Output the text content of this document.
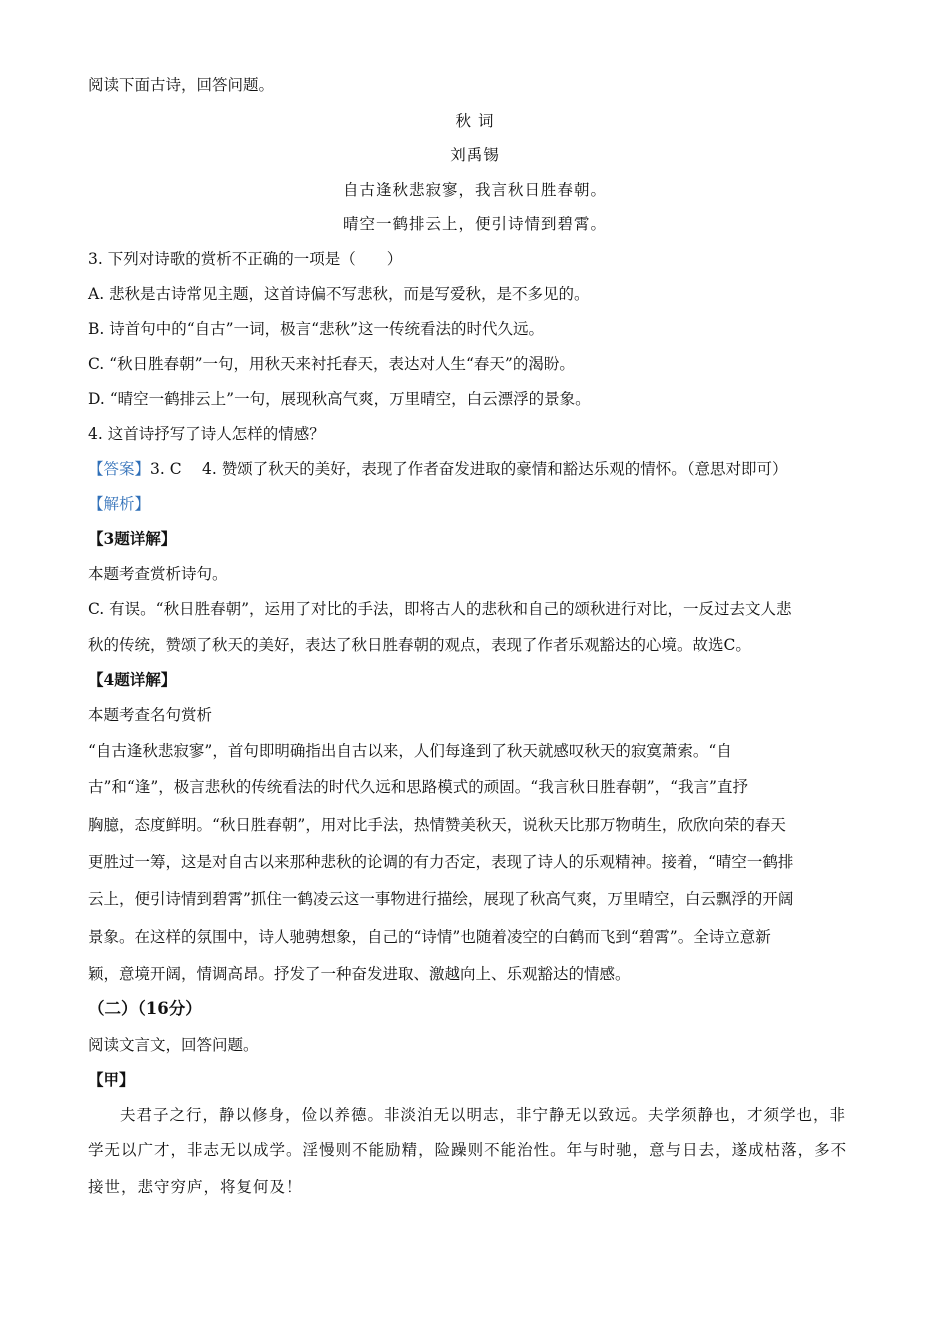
阅读下面古诗，回答问题。
秋 词
刘禹锡
自古逢秋悲寂寥，我言秋日胜春朝。
晴空一鹤排云上，便引诗情到碧霄。
3. 下列对诗歌的赏析不正确的一项是（　　）
A. 悲秋是古诗常见主题，这首诗偏不写悲秋，而是写爱秋，是不多见的。
B. 诗首句中的“自古”一词，极言“悲秋”这一传统看法的时代久远。
C. “秋日胜春朝”一句，用秋天来衬托春天，表达对人生“春天”的渴盼。
D. “晴空一鹤排云上”一句，展现秋高气爽，万里晴空，白云漂浮的景象。
4. 这首诗抒写了诗人怎样的情感？
【答案】3. C　 4. 赞颂了秋天的美好，表现了作者奋发进取的豪情和豁达乐观的情怀。（意思对即可）
【解析】
【3题详解】
本题考查赏析诗句。
C. 有误。“秋日胜春朝”，运用了对比的手法，即将古人的悲秋和自己的颂秋进行对比，一反过去文人悲
秋的传统，赞颂了秋天的美好，表达了秋日胜春朝的观点，表现了作者乐观豁达的心境。故选C。
【4题详解】
本题考查名句赏析
“自古逢秋悲寂寥”，首句即明确指出自古以来，人们每逢到了秋天就感叹秋天的寂寞萧索。“自
古”和“逢”，极言悲秋的传统看法的时代久远和思路模式的顽固。“我言秋日胜春朝”，“我言”直抒
胸臆，态度鲜明。“秋日胜春朝”，用对比手法，热情赞美秋天，说秋天比那万物萌生，欣欣向荣的春天
更胜过一筹，这是对自古以来那种悲秋的论调的有力否定，表现了诗人的乐观精神。接着，“晴空一鹤排
云上，便引诗情到碧霄”抓住一鹤凌云这一事物进行描绘，展现了秋高气爽，万里晴空，白云飘浮的开阔
景象。在这样的氛围中，诗人驰骋想象，自己的“诗情”也随着凌空的白鹤而飞到“碧霄”。全诗立意新
颖，意境开阔，情调高昂。抒发了一种奋发进取、激越向上、乐观豁达的情感。
（二）（16分）
阅读文言文，回答问题。
【甲】
夫君子之行，静以修身，俭以养德。非淡泊无以明志，非宁静无以致远。夫学须静也，才须学也，非
学无以广才，非志无以成学。淫慢则不能励精，险躁则不能治性。年与时驰，意与日去，遂成枯落，多不
接世，悲守穷庐，将复何及！
